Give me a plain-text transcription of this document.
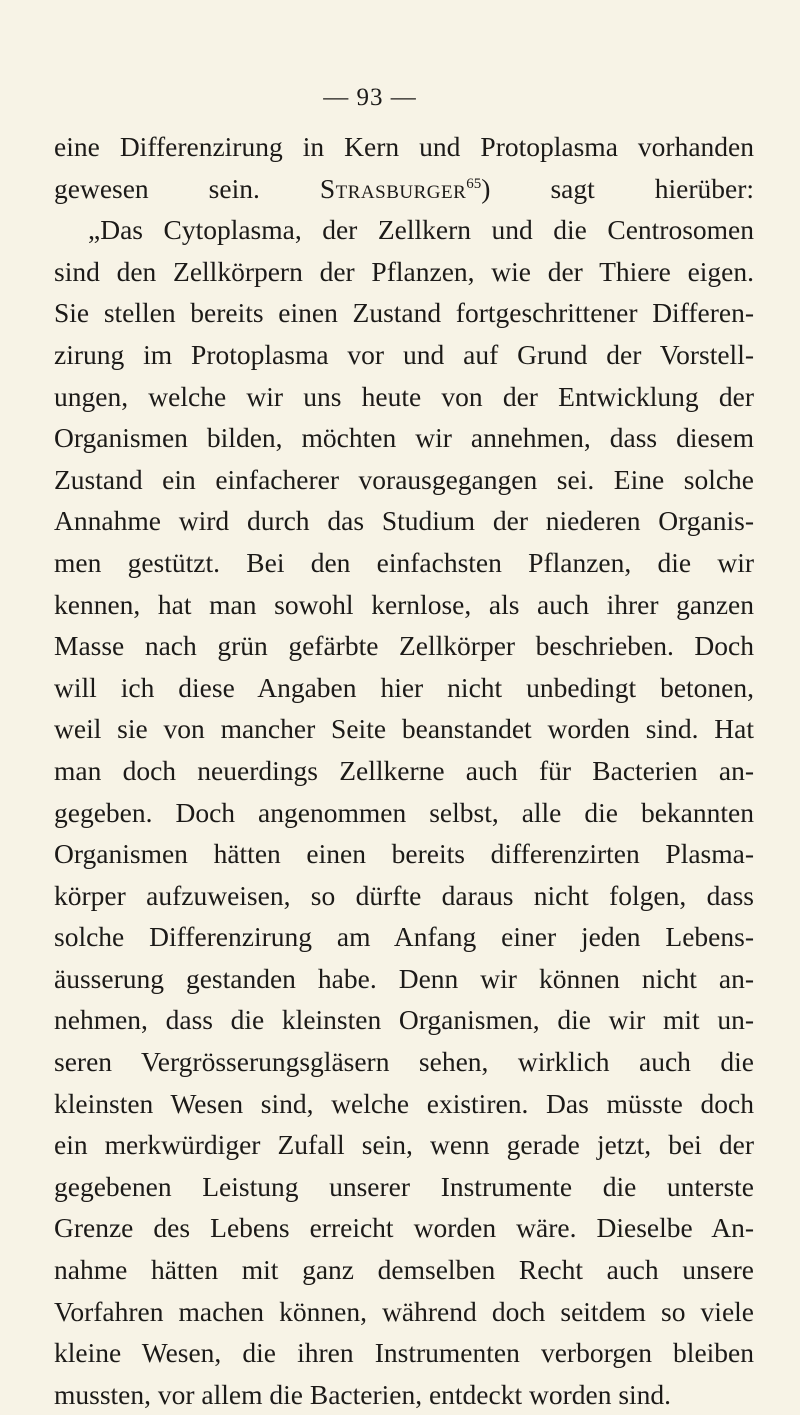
— 93 —
eine Differenzirung in Kern und Protoplasma vorhanden
gewesen sein. Strasburger$^{65}$) sagt hierüber:
„Das Cytoplasma, der Zellkern und die Centrosomen
sind den Zellkörpern der Pflanzen, wie der Thiere eigen.
Sie stellen bereits einen Zustand fortgeschrittener Differen-
zirung im Protoplasma vor und auf Grund der Vorstell-
ungen, welche wir uns heute von der Entwicklung der
Organismen bilden, möchten wir annehmen, dass diesem
Zustand ein einfacherer vorausgegangen sei. Eine solche
Annahme wird durch das Studium der niederen Organis-
men gestützt. Bei den einfachsten Pflanzen, die wir
kennen, hat man sowohl kernlose, als auch ihrer ganzen
Masse nach grün gefärbte Zellkörper beschrieben. Doch
will ich diese Angaben hier nicht unbedingt betonen,
weil sie von mancher Seite beanstandet worden sind. Hat
man doch neuerdings Zellkerne auch für Bacterien an-
gegeben. Doch angenommen selbst, alle die bekannten
Organismen hätten einen bereits differenzirten Plasma-
körper aufzuweisen, so dürfte daraus nicht folgen, dass
solche Differenzirung am Anfang einer jeden Lebens-
äusserung gestanden habe. Denn wir können nicht an-
nehmen, dass die kleinsten Organismen, die wir mit un-
seren Vergrösserungsgläsern sehen, wirklich auch die
kleinsten Wesen sind, welche existiren. Das müsste doch
ein merkwürdiger Zufall sein, wenn gerade jetzt, bei der
gegebenen Leistung unserer Instrumente die unterste
Grenze des Lebens erreicht worden wäre. Dieselbe An-
nahme hätten mit ganz demselben Recht auch unsere
Vorfahren machen können, während doch seitdem so viele
kleine Wesen, die ihren Instrumenten verborgen bleiben
mussten, vor allem die Bacterien, entdeckt worden sind.
